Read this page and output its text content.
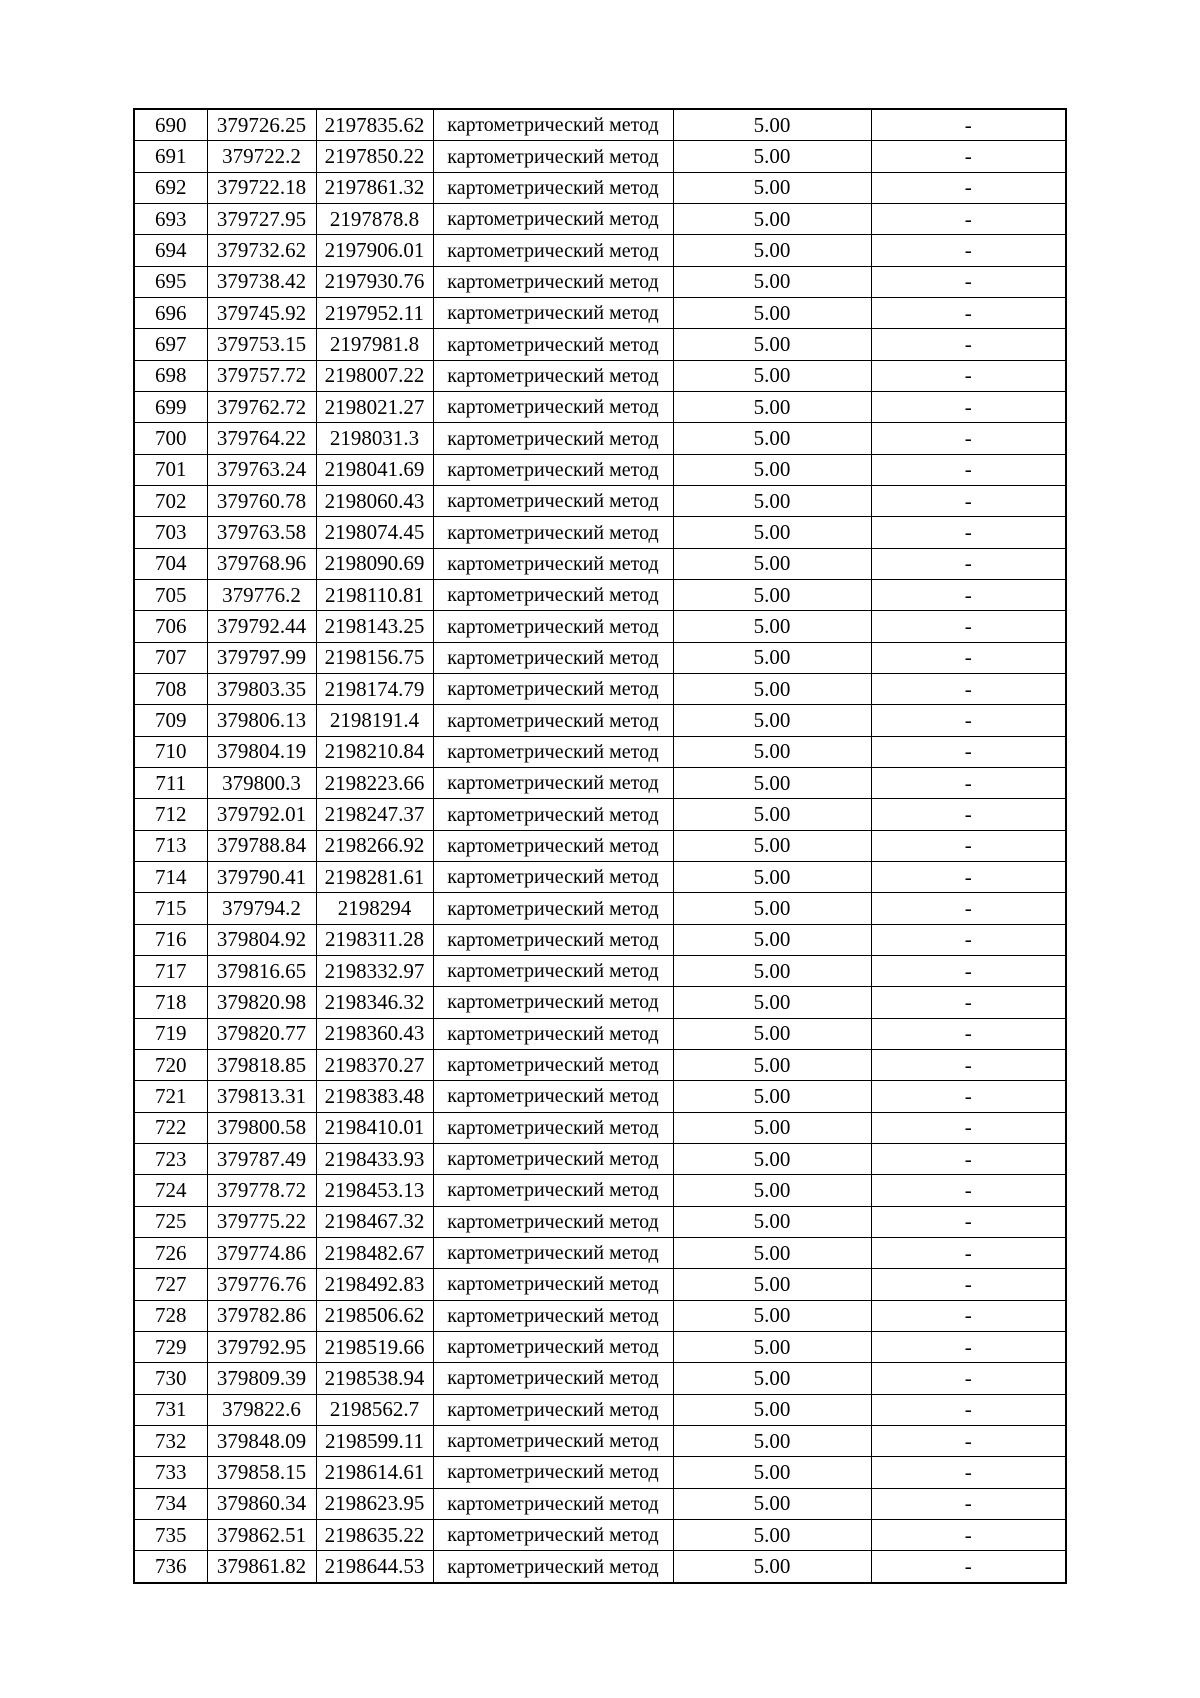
690	379726.25	2197835.62	картометрический метод	5.00	-
691	379722.2	2197850.22	картометрический метод	5.00	-
692	379722.18	2197861.32	картометрический метод	5.00	-
693	379727.95	2197878.8	картометрический метод	5.00	-
694	379732.62	2197906.01	картометрический метод	5.00	-
695	379738.42	2197930.76	картометрический метод	5.00	-
696	379745.92	2197952.11	картометрический метод	5.00	-
697	379753.15	2197981.8	картометрический метод	5.00	-
698	379757.72	2198007.22	картометрический метод	5.00	-
699	379762.72	2198021.27	картометрический метод	5.00	-
700	379764.22	2198031.3	картометрический метод	5.00	-
701	379763.24	2198041.69	картометрический метод	5.00	-
702	379760.78	2198060.43	картометрический метод	5.00	-
703	379763.58	2198074.45	картометрический метод	5.00	-
704	379768.96	2198090.69	картометрический метод	5.00	-
705	379776.2	2198110.81	картометрический метод	5.00	-
706	379792.44	2198143.25	картометрический метод	5.00	-
707	379797.99	2198156.75	картометрический метод	5.00	-
708	379803.35	2198174.79	картометрический метод	5.00	-
709	379806.13	2198191.4	картометрический метод	5.00	-
710	379804.19	2198210.84	картометрический метод	5.00	-
711	379800.3	2198223.66	картометрический метод	5.00	-
712	379792.01	2198247.37	картометрический метод	5.00	-
713	379788.84	2198266.92	картометрический метод	5.00	-
714	379790.41	2198281.61	картометрический метод	5.00	-
715	379794.2	2198294	картометрический метод	5.00	-
716	379804.92	2198311.28	картометрический метод	5.00	-
717	379816.65	2198332.97	картометрический метод	5.00	-
718	379820.98	2198346.32	картометрический метод	5.00	-
719	379820.77	2198360.43	картометрический метод	5.00	-
720	379818.85	2198370.27	картометрический метод	5.00	-
721	379813.31	2198383.48	картометрический метод	5.00	-
722	379800.58	2198410.01	картометрический метод	5.00	-
723	379787.49	2198433.93	картометрический метод	5.00	-
724	379778.72	2198453.13	картометрический метод	5.00	-
725	379775.22	2198467.32	картометрический метод	5.00	-
726	379774.86	2198482.67	картометрический метод	5.00	-
727	379776.76	2198492.83	картометрический метод	5.00	-
728	379782.86	2198506.62	картометрический метод	5.00	-
729	379792.95	2198519.66	картометрический метод	5.00	-
730	379809.39	2198538.94	картометрический метод	5.00	-
731	379822.6	2198562.7	картометрический метод	5.00	-
732	379848.09	2198599.11	картометрический метод	5.00	-
733	379858.15	2198614.61	картометрический метод	5.00	-
734	379860.34	2198623.95	картометрический метод	5.00	-
735	379862.51	2198635.22	картометрический метод	5.00	-
736	379861.82	2198644.53	картометрический метод	5.00	-
